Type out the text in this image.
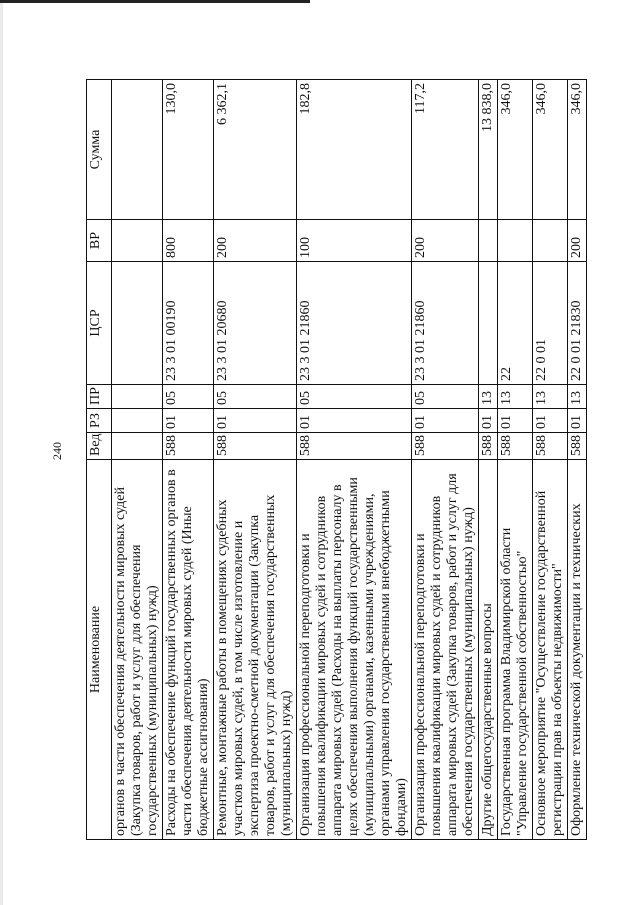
240
Наименование	Вед	РЗ	ПР	ЦСР	ВР	Сумма
органов в части обеспечения деятельности мировых судей (Закупка товаров, работ и услуг для обеспечения государственных (муниципальных) нужд)						
Расходы на обеспечение функций государственных органов в части обеспечения деятельности мировых судей (Иные бюджетные ассигнования)	588	01	05	23 3 01 00190	800	130,0
Ремонтные, монтажные работы в помещениях судебных участков мировых судей, в том числе изготовление и экспертиза проектно-сметной документации (Закупка товаров, работ и услуг для обеспечения государственных (муниципальных) нужд)	588	01	05	23 3 01 20680	200	6 362,1
Организация профессиональной переподготовки и повышения квалификации мировых судей и сотрудников аппарата мировых судей (Расходы на выплаты персоналу в целях обеспечения выполнения функций государственными (муниципальными) органами, казенными учреждениями, органами управления государственными внебюджетными фондами)	588	01	05	23 3 01 21860	100	182,8
Организация профессиональной переподготовки и повышения квалификации мировых судей и сотрудников аппарата мировых судей (Закупка товаров, работ и услуг для обеспечения государственных (муниципальных) нужд)	588	01	05	23 3 01 21860	200	117,2
Другие общегосударственные вопросы	588	01	13			13 838,0
Государственная программа Владимирской области "Управление государственной собственностью"	588	01	13	22		346,0
Основное мероприятие "Осуществление государственной регистрации прав на объекты недвижимости"	588	01	13	22 0 01		346,0
Оформление технической документации и технических	588	01	13	22 0 01 21830	200	346,0
